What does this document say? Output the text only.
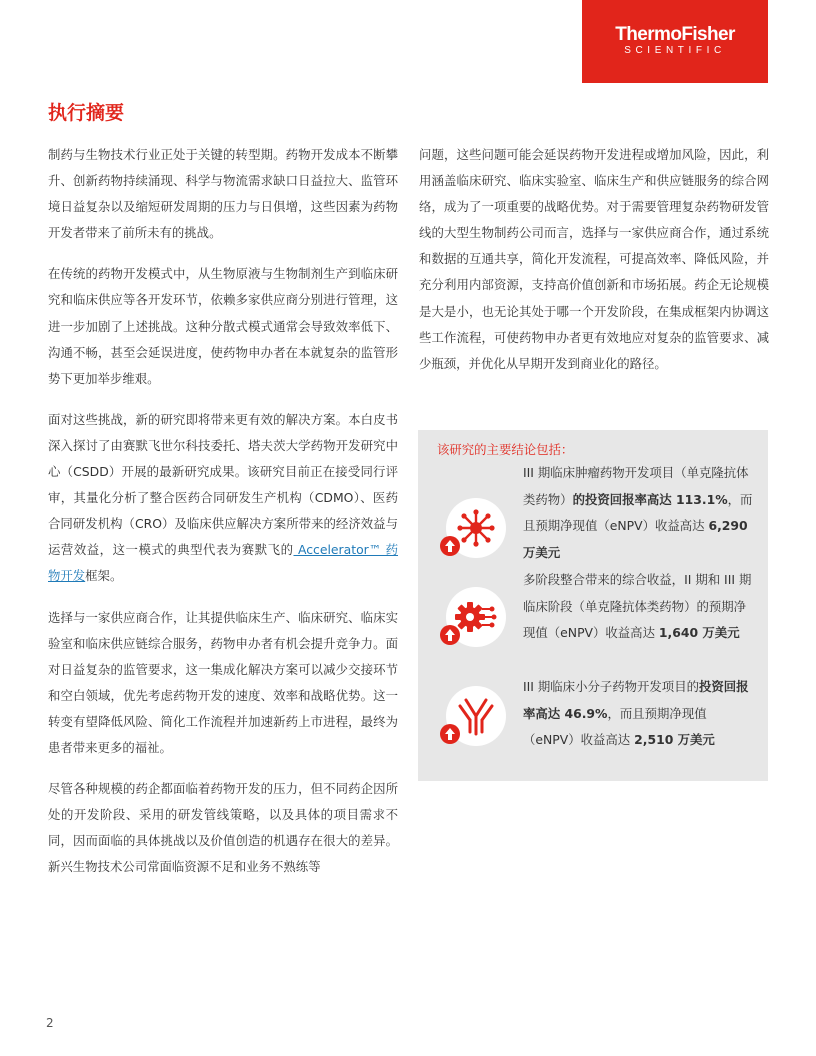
ThermoFisher
SCIENTIFIC
执行摘要

制药与生物技术行业正处于关键的转型期。药物开发成本不断攀升、创新药物持续涌现、科学与物流需求缺口日益拉大、监管环境日益复杂以及缩短研发周期的压力与日俱增，这些因素为药物开发者带来了前所未有的挑战。

在传统的药物开发模式中，从生物原液与生物制剂生产到临床研究和临床供应等各开发环节，依赖多家供应商分别进行管理，这进一步加剧了上述挑战。这种分散式模式通常会导致效率低下、沟通不畅，甚至会延误进度，使药物申办者在本就复杂的监管形势下更加举步维艰。

面对这些挑战，新的研究即将带来更有效的解决方案。本白皮书深入探讨了由赛默飞世尔科技委托、塔夫茨大学药物开发研究中心（CSDD）开展的最新研究成果。该研究目前正在接受同行评审，其量化分析了整合医药合同研发生产机构（CDMO）、医药合同研发机构（CRO）及临床供应解决方案所带来的经济效益与运营效益，这一模式的典型代表为赛默飞的 Accelerator™ 药物开发框架。

选择与一家供应商合作，让其提供临床生产、临床研究、临床实验室和临床供应链综合服务，药物申办者有机会提升竞争力。面对日益复杂的监管要求，这一集成化解决方案可以减少交接环节和空白领域，优先考虑药物开发的速度、效率和战略优势。这一转变有望降低风险、简化工作流程并加速新药上市进程，最终为患者带来更多的福祉。

尽管各种规模的药企都面临着药物开发的压力，但不同药企因所处的开发阶段、采用的研发管线策略，以及具体的项目需求不同，因而面临的具体挑战以及价值创造的机遇存在很大的差异。新兴生物技术公司常面临资源不足和业务不熟练等

问题，这些问题可能会延误药物开发进程或增加风险，因此，利用涵盖临床研究、临床实验室、临床生产和供应链服务的综合网络，成为了一项重要的战略优势。对于需要管理复杂药物研发管线的大型生物制药公司而言，选择与一家供应商合作，通过系统和数据的互通共享，简化开发流程，可提高效率、降低风险，并充分利用内部资源，支持高价值创新和市场拓展。药企无论规模是大是小，也无论其处于哪一个开发阶段，在集成框架内协调这些工作流程，可使药物申办者更有效地应对复杂的监管要求、减少瓶颈，并优化从早期开发到商业化的路径。

该研究的主要结论包括：
III 期临床肿瘤药物开发项目（单克隆抗体类药物）的投资回报率高达 113.1%，而且预期净现值（eNPV）收益高达 6,290 万美元
多阶段整合带来的综合收益，II 期和 III 期临床阶段（单克隆抗体类药物）的预期净现值（eNPV）收益高达 1,640 万美元
III 期临床小分子药物开发项目的投资回报率高达 46.9%，而且预期净现值（eNPV）收益高达 2,510 万美元
2
